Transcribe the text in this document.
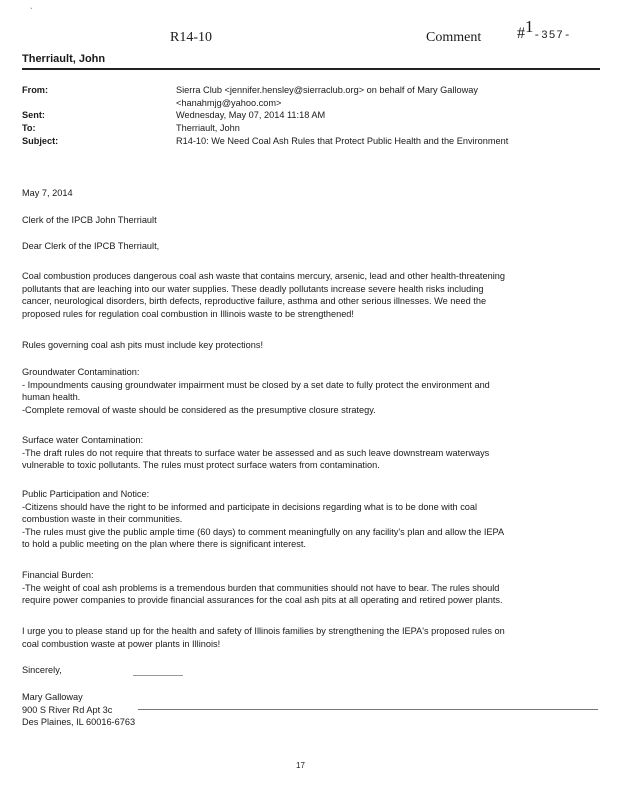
`
R14-10	Comment #1-357-
Therriault, John
From:	Sierra Club <jennifer.hensley@sierraclub.org> on behalf of Mary Galloway
<hanahmjg@yahoo.com>
Sent:	Wednesday, May 07, 2014 11:18 AM
To:	Therriault, John
Subject:	R14-10: We Need Coal Ash Rules that Protect Public Health and the Environment
May 7, 2014
Clerk of the IPCB John Therriault
Dear Clerk of the IPCB Therriault,

Coal combustion produces dangerous coal ash waste that contains mercury, arsenic, lead and other health-threatening

pollutants that are leaching into our water supplies. These deadly pollutants increase severe health risks including

cancer, neurological disorders, birth defects, reproductive failure, asthma and other serious illnesses. We need the

proposed rules for regulation coal combustion in Illinois waste to be strengthened!

Rules governing coal ash pits must include key protections!

Groundwater Contamination:

- Impoundments causing groundwater impairment must be closed by a set date to fully protect the environment and

human health.

-Complete removal of waste should be considered as the presumptive closure strategy.

Surface water Contamination:

-The draft rules do not require that threats to surface water be assessed and as such leave downstream waterways

vulnerable to toxic pollutants. The rules must protect surface waters from contamination.

Public Participation and Notice:

-Citizens should have the right to be informed and participate in decisions regarding what is to be done with coal

combustion waste in their communities.

-The rules must give the public ample time (60 days) to comment meaningfully on any facility's plan and allow the IEPA

to hold a public meeting on the plan where there is significant interest.

Financial Burden:

-The weight of coal ash problems is a tremendous burden that communities should not have to bear. The rules should

require power companies to provide financial assurances for the coal ash pits at all operating and retired power plants.

I urge you to please stand up for the health and safety of Illinois families by strengthening the IEPA's proposed rules on

coal combustion waste at power plants in Illinois!

Sincerely,

Mary Galloway

900 S River Rd Apt 3c

Des Plaines, IL 60016-6763

17
